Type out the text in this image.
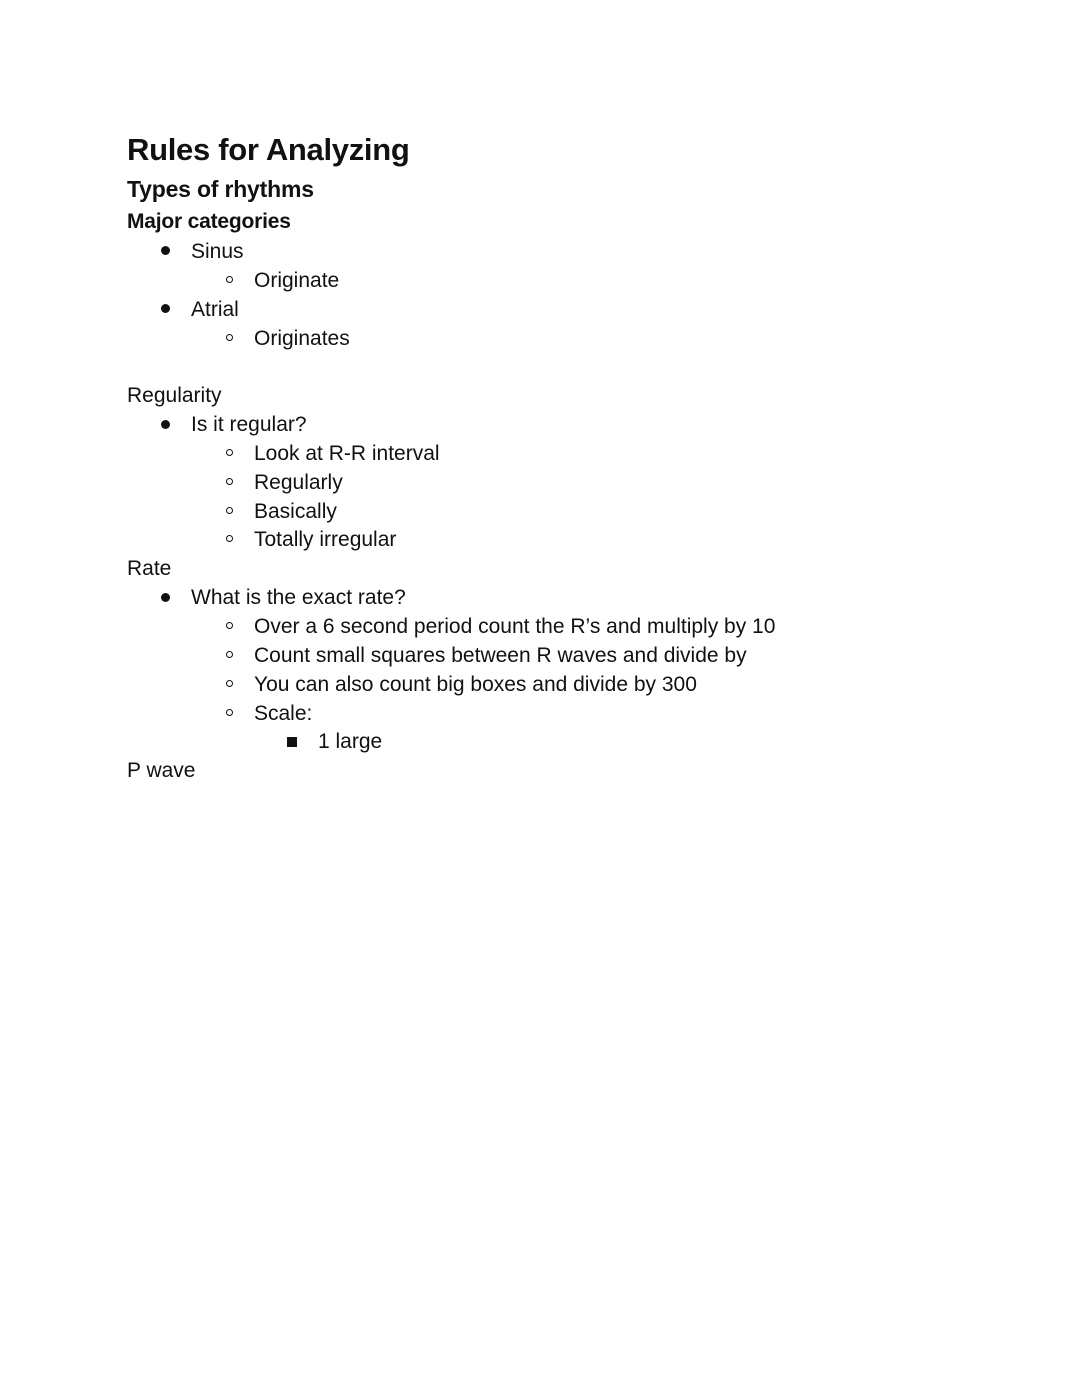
Rules for Analyzing
Types of rhythms
Major categories
Sinus
Originate
Atrial
Originates
Regularity
Is it regular?
Look at R-R interval
Regularly
Basically
Totally irregular
Rate
What is the exact rate?
Over a 6 second period count the R’s and multiply by 10
Count small squares between R waves and divide by
You can also count big boxes and divide by 300
Scale:
1 large
P wave
